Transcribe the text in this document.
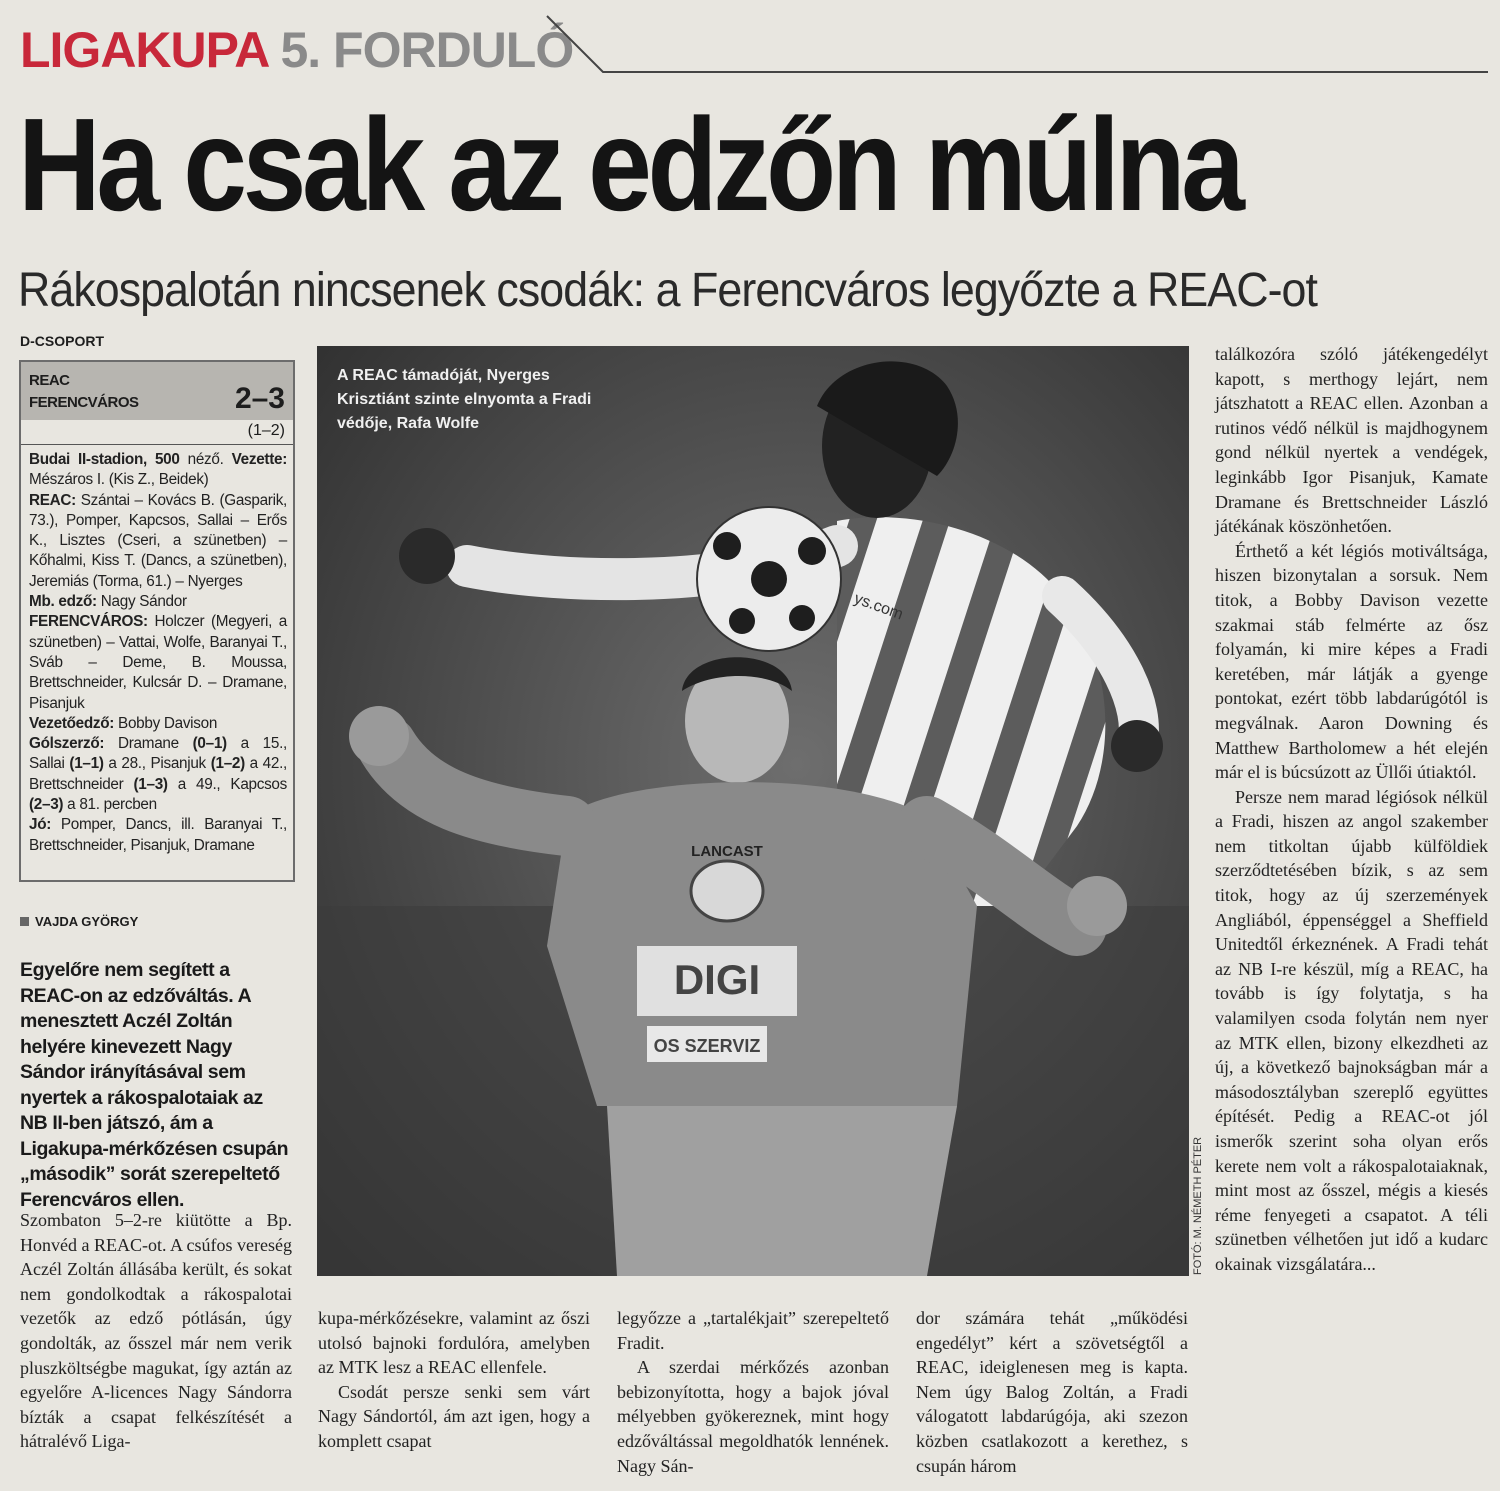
LIGAKUPA 5. FORDULÓ
Ha csak az edzőn múlna
Rákospalotán nincsenek csodák: a Ferencváros legyőzte a REAC-ot
D-CSOPORT
REAC
FERENCVÁROS	2–3
(1–2)
Budai II-stadion, 500 néző. Vezette: Mészáros I. (Kis Z., Beidek)
REAC: Szántai – Kovács B. (Gasparik, 73.), Pomper, Kapcsos, Sallai – Erős K., Lisztes (Cseri, a szünetben) – Kőhalmi, Kiss T. (Dancs, a szünetben), Jeremiás (Torma, 61.) – Nyerges
Mb. edző: Nagy Sándor
FERENCVÁROS: Holczer (Megyeri, a szünetben) – Vattai, Wolfe, Baranyai T., Sváb – Deme, B. Moussa, Brettschneider, Kulcsár D. – Dramane, Pisanjuk
Vezetőedző: Bobby Davison
Gólszerző: Dramane (0–1) a 15., Sallai (1–1) a 28., Pisanjuk (1–2) a 42., Brettschneider (1–3) a 49., Kapcsos (2–3) a 81. percben
Jó: Pomper, Dancs, ill. Baranyai T., Brettschneider, Pisanjuk, Dramane
VAJDA GYÖRGY
Egyelőre nem segített a REAC-on az edzőváltás. A menesztett Aczél Zoltán helyére kinevezett Nagy Sándor irányításával sem nyertek a rákospalotaiak az NB II-ben játszó, ám a Ligakupa-mérkőzésen csupán „második” sorát szerepeltető Ferencváros ellen.

Szombaton 5–2-re kiütötte a Bp. Honvéd a REAC-ot. A csúfos vereség Aczél Zoltán állásába került, és sokat nem gondolkodtak a rákospalotai vezetők az edző pótlásán, úgy gondolták, az ősszel már nem verik pluszköltségbe magukat, így aztán az egyelőre A-licences Nagy Sándorra bízták a csapat felkészítését a hátralévő Liga-

kupa-mérkőzésekre, valamint az őszi utolsó bajnoki fordulóra, amelyben az MTK lesz a REAC ellenfele.

Csodát persze senki sem várt Nagy Sándortól, ám azt igen, hogy a komplett csapat

legyőzze a „tartalékjait” szerepeltető Fradit.

A szerdai mérkőzés azonban bebizonyította, hogy a bajok jóval mélyebben gyökereznek, mint hogy edzőváltással megoldhatók lennének. Nagy Sán-

dor számára tehát „működési engedélyt” kért a szövetségtől a REAC, ideiglenesen meg is kapta. Nem úgy Balog Zoltán, a Fradi válogatott labdarúgója, aki szezon közben csatlakozott a kerethez, s csupán három

találkozóra szóló játékengedélyt kapott, s merthogy lejárt, nem játszhatott a REAC ellen. Azonban a rutinos védő nélkül is majdhogynem gond nélkül nyertek a vendégek, leginkább Igor Pisanjuk, Kamate Dramane és Brettschneider László játékának köszönhetően.

Érthető a két légiós motiváltsága, hiszen bizonytalan a sorsuk. Nem titok, a Bobby Davison vezette szakmai stáb felmérte az ősz folyamán, ki mire képes a Fradi keretében, már látják a gyenge pontokat, ezért több labdarúgótól is megválnak. Aaron Downing és Matthew Bartholomew a hét elején már el is búcsúzott az Üllői útiaktól.

Persze nem marad légiósok nélkül a Fradi, hiszen az angol szakember nem titkoltan újabb külföldiek szerződtetésében bízik, s az sem titok, hogy az új szerzemények Angliából, éppenséggel a Sheffield Unitedtől érkeznének. A Fradi tehát az NB I-re készül, míg a REAC, ha tovább is így folytatja, s ha valamilyen csoda folytán nem nyer az MTK ellen, bizony elkezdheti az új, a következő bajnokságban már a másodosztályban szereplő együttes építését. Pedig a REAC-ot jól ismerők szerint soha olyan erős kerete nem volt a rákospalotaiaknak, mint most az ősszel, mégis a kiesés réme fenyegeti a csapatot. A téli szünetben vélhetően jut idő a kudarc okainak vizsgálatára...

DIGI
OS SZERVIZ
LANCAST
ys.com
A REAC támadóját, Nyerges Krisztiánt szinte elnyomta a Fradi védője, Rafa Wolfe
FOTÓ: M. NÉMETH PÉTER
